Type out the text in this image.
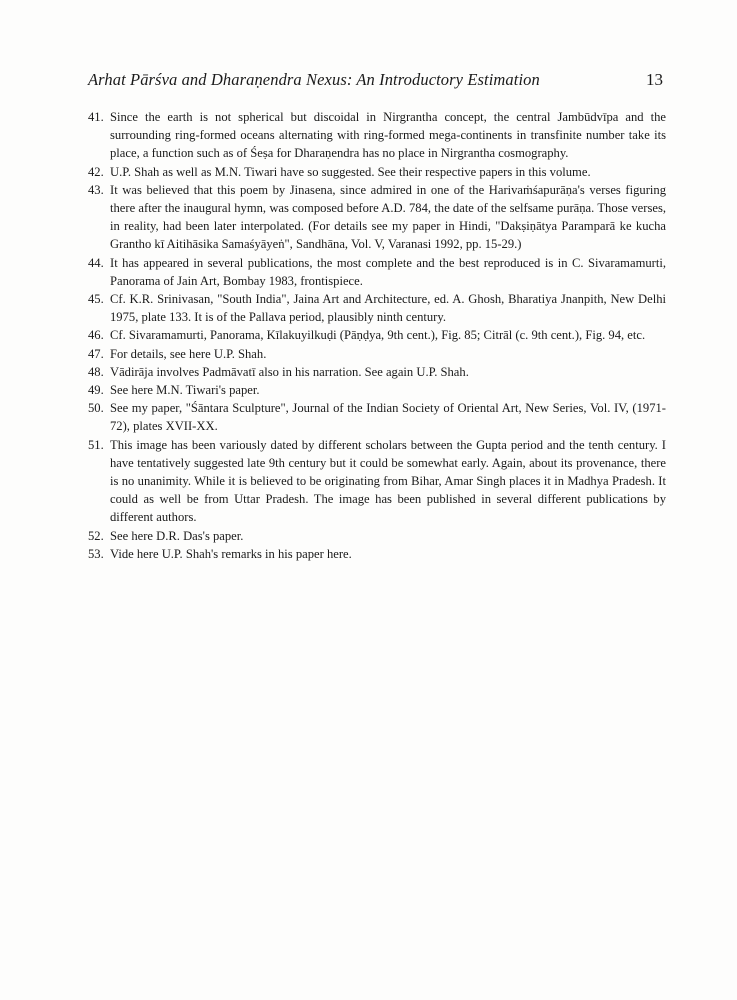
Arhat Pārśva and Dharaṇendra Nexus: An Introductory Estimation	13
41. Since the earth is not spherical but discoidal in Nirgrantha concept, the central Jambūdvīpa and the surrounding ring-formed oceans alternating with ring-formed mega-continents in transfinite number take its place, a function such as of Śeṣa for Dharaṇendra has no place in Nirgrantha cosmography.
42. U.P. Shah as well as M.N. Tiwari have so suggested. See their respective papers in this volume.
43. It was believed that this poem by Jinasena, since admired in one of the Harivaṁśapurāṇa's verses figuring there after the inaugural hymn, was composed before A.D. 784, the date of the selfsame purāṇa. Those verses, in reality, had been later interpolated. (For details see my paper in Hindi, "Dakṣiṇātya Paramparā ke kucha Grantho kī Aitihāsika Samaśyāyeṅ", Sandhāna, Vol. V, Varanasi 1992, pp. 15-29.)
44. It has appeared in several publications, the most complete and the best reproduced is in C. Sivaramamurti, Panorama of Jain Art, Bombay 1983, frontispiece.
45. Cf. K.R. Srinivasan, "South India", Jaina Art and Architecture, ed. A. Ghosh, Bharatiya Jnanpith, New Delhi 1975, plate 133. It is of the Pallava period, plausibly ninth century.
46. Cf. Sivaramamurti, Panorama, Kīlakuyilkuḍi (Pāṇḍya, 9th cent.), Fig. 85; Citrāl (c. 9th cent.), Fig. 94, etc.
47. For details, see here U.P. Shah.
48. Vādirāja involves Padmāvatī also in his narration. See again U.P. Shah.
49. See here M.N. Tiwari's paper.
50. See my paper, "Śāntara Sculpture", Journal of the Indian Society of Oriental Art, New Series, Vol. IV, (1971-72), plates XVII-XX.
51. This image has been variously dated by different scholars between the Gupta period and the tenth century. I have tentatively suggested late 9th century but it could be somewhat early. Again, about its provenance, there is no unanimity. While it is believed to be originating from Bihar, Amar Singh places it in Madhya Pradesh. It could as well be from Uttar Pradesh. The image has been published in several different publications by different authors.
52. See here D.R. Das's paper.
53. Vide here U.P. Shah's remarks in his paper here.
